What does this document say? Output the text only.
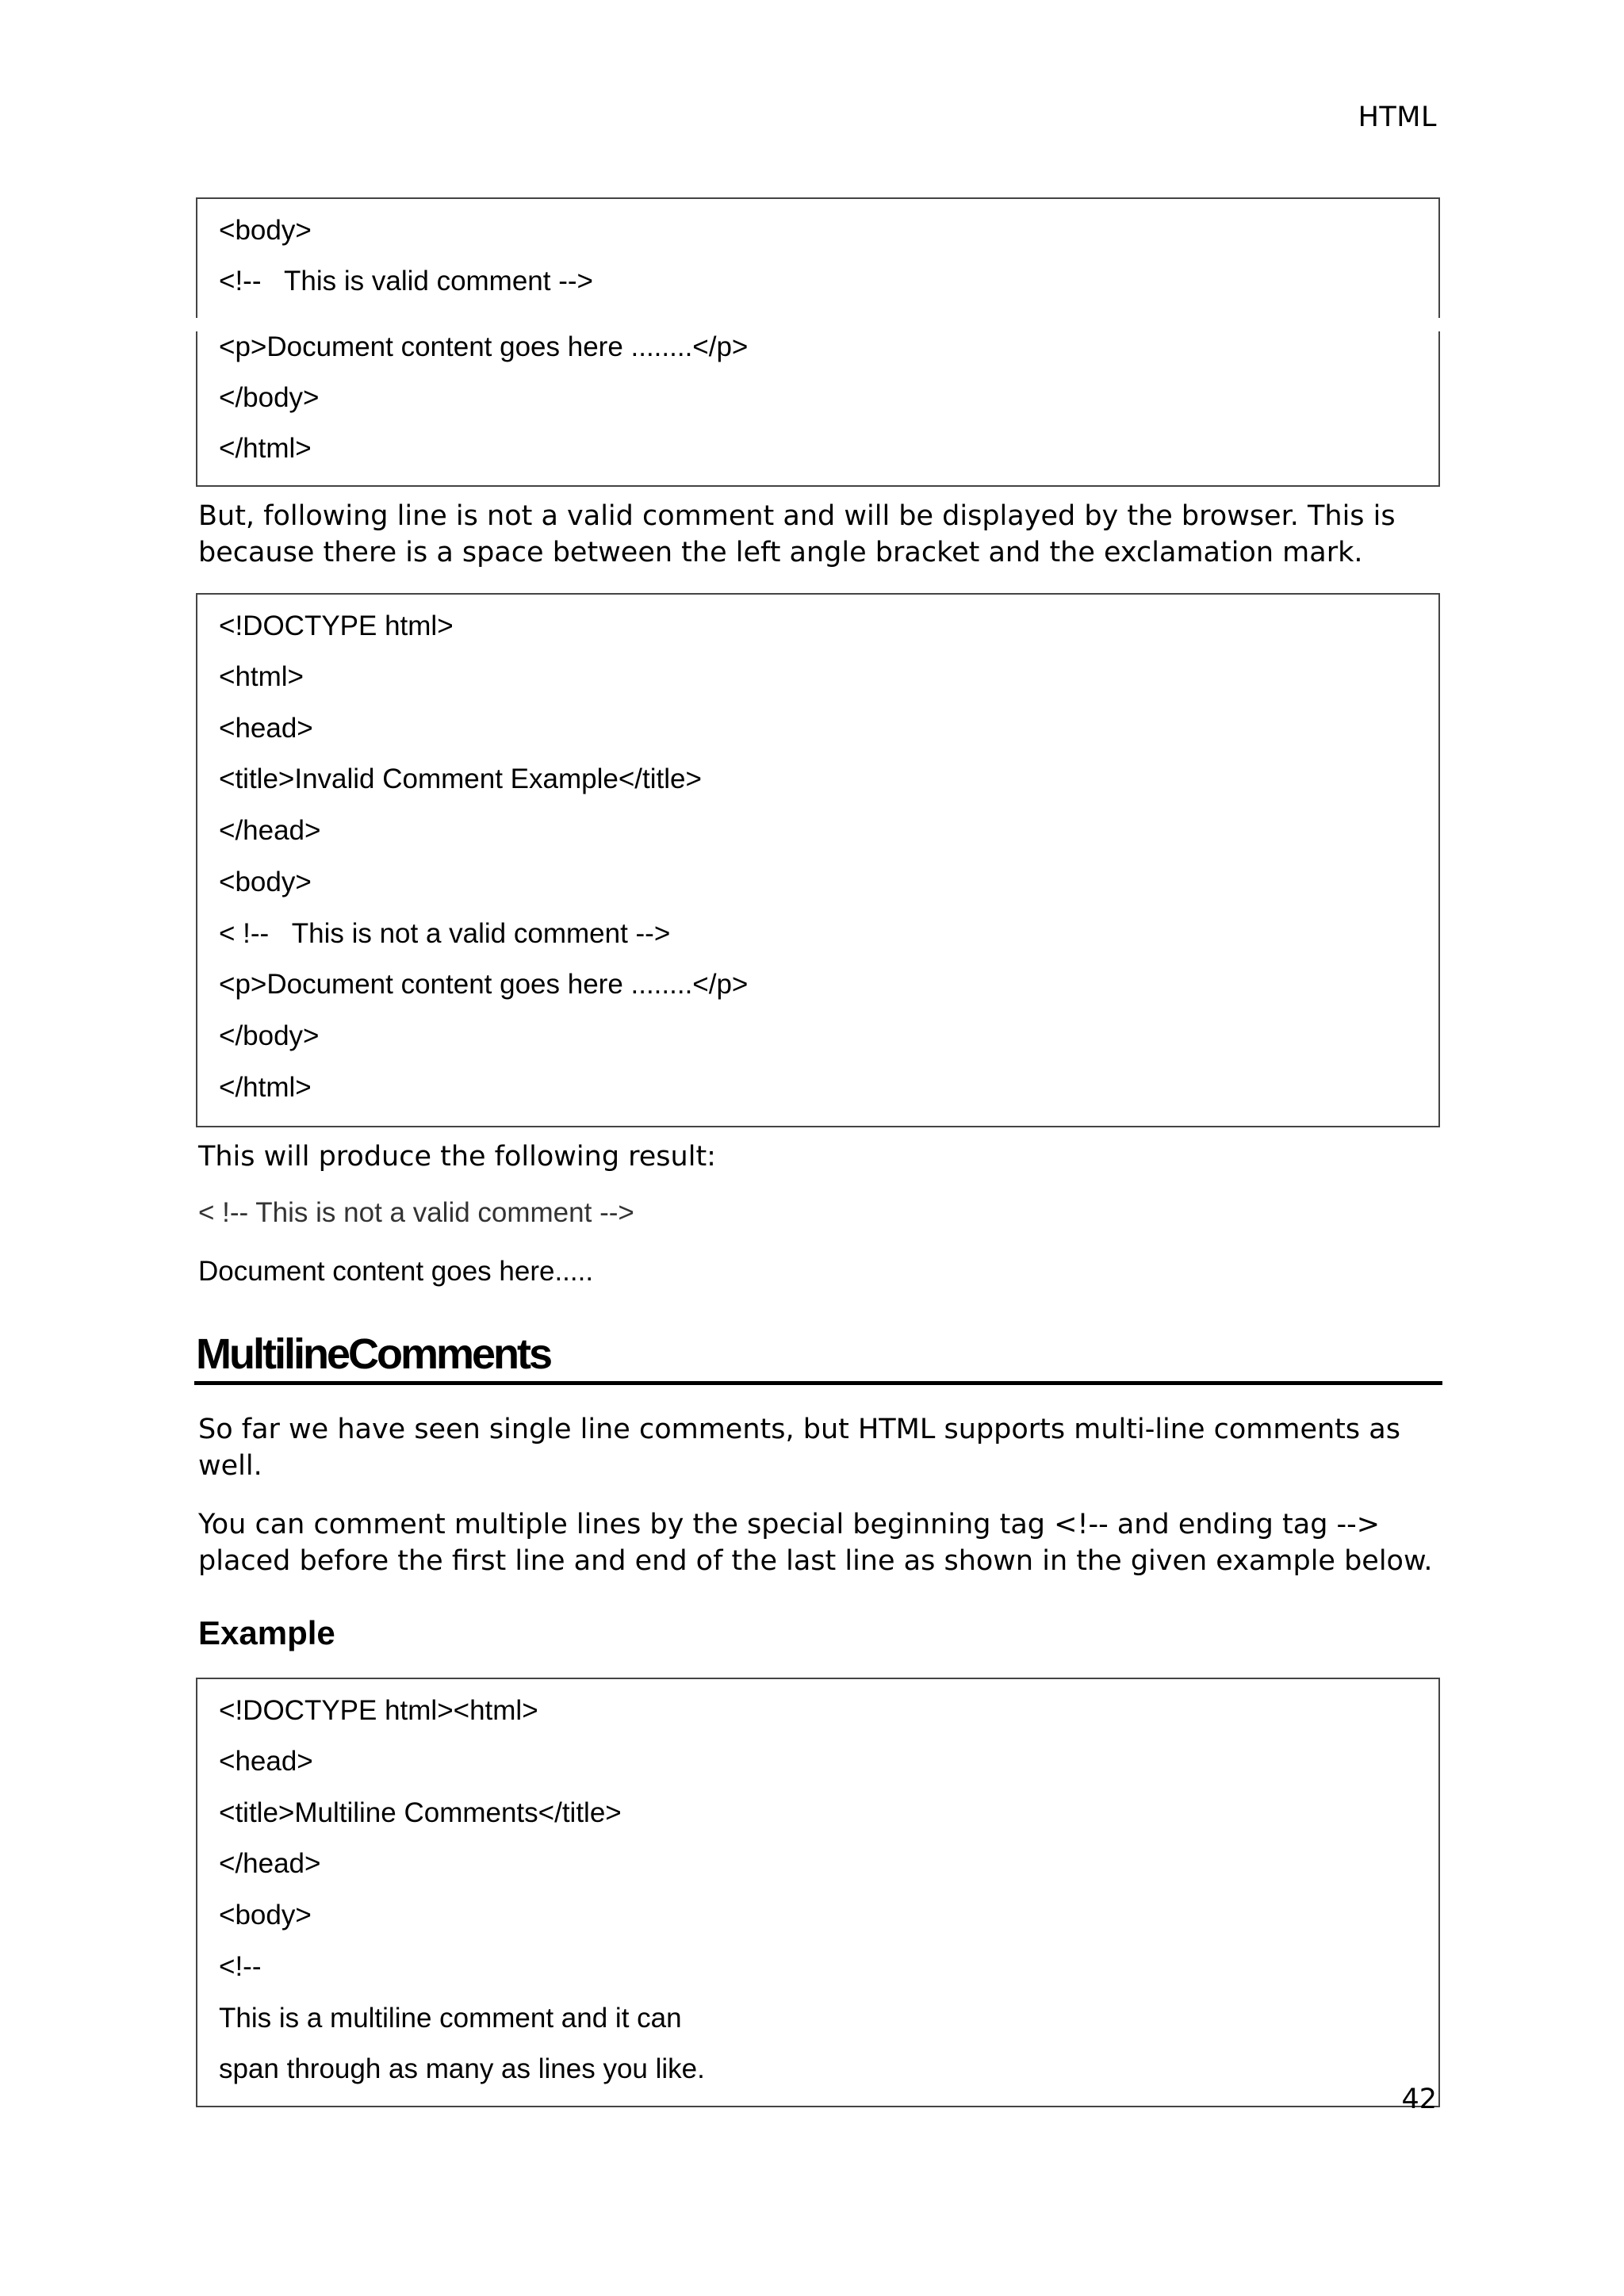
HTML
<body>
<!--   This is valid comment -->
<p>Document content goes here ........</p>
</body>
</html>
But, following line is not a valid comment and will be displayed by the browser. This is because there is a space between the left angle bracket and the exclamation mark.
<!DOCTYPE html>
<html>
<head>
<title>Invalid Comment Example</title>
</head>
<body>
< !--   This is not a valid comment -->
<p>Document content goes here ........</p>
</body>
</html>
This will produce the following result:
< !-- This is not a valid comment -->
Document content goes here.....
MultilineComments
So far we have seen single line comments, but HTML supports multi-line comments as well.
You can comment multiple lines by the special beginning tag <!-- and ending tag --> placed before the first line and end of the last line as shown in the given example below.
Example
<!DOCTYPE html><html>
<head>
<title>Multiline Comments</title>
</head>
<body>
<!--
This is a multiline comment and it can
span through as many as lines you like.
42
